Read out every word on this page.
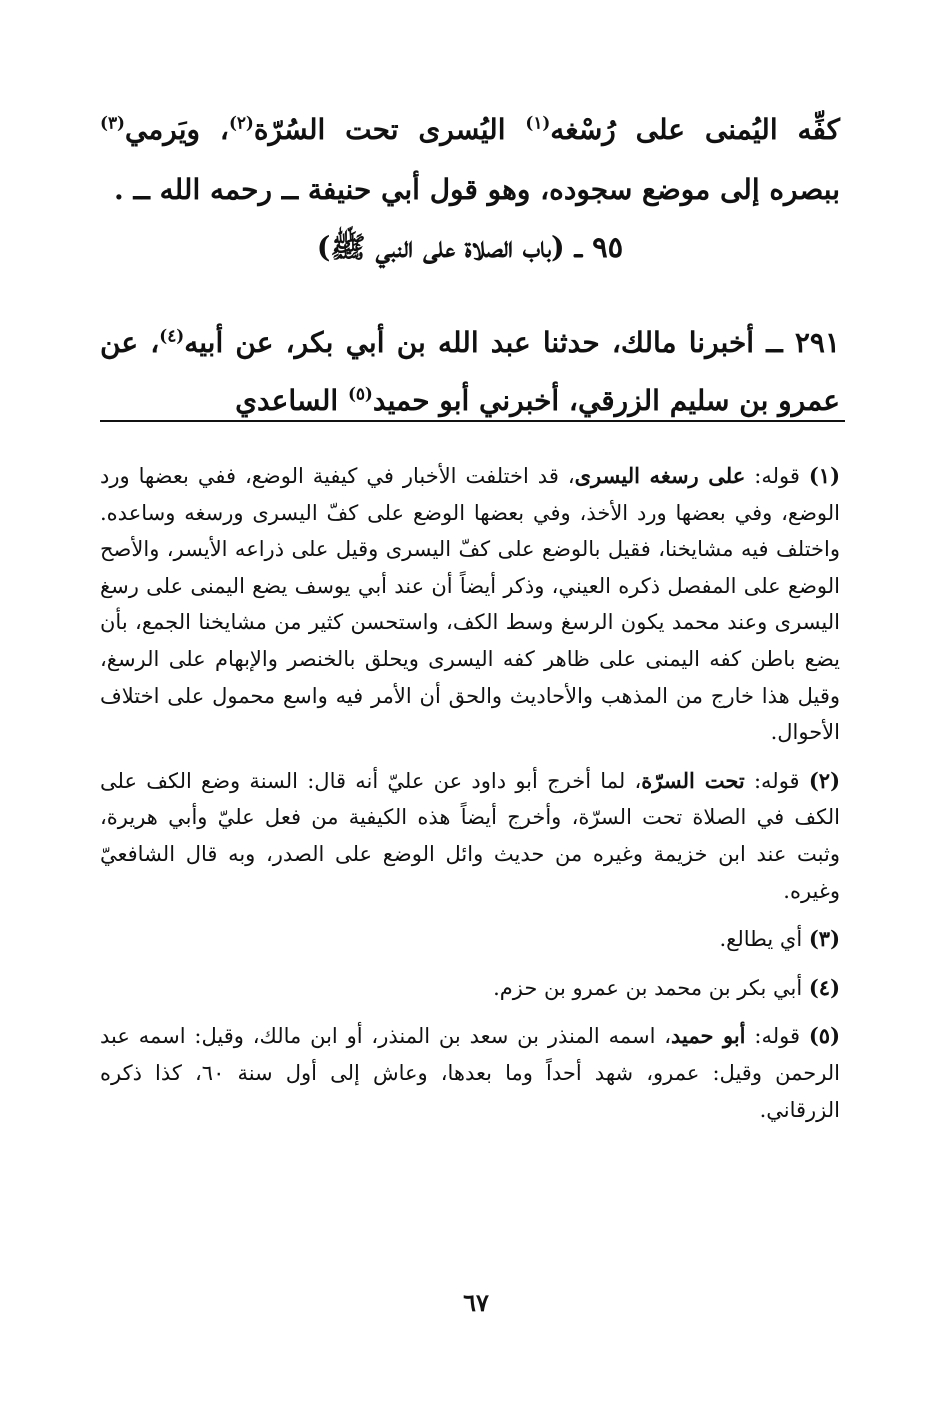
كفِّه اليُمنى على رُسْغه$^{(١)}$ اليُسرى تحت السُرّة$^{(٢)}$، ويَرمي$^{(٣)}$ ببصره إلى موضع سجوده، وهو قول أبي حنيفة ــ رحمه الله ــ .

٩٥ ــ (باب الصلاة على النبي ﷺ)

٢٩١ ــ أخبرنا مالك، حدثنا عبد الله بن أبي بكر، عن أبيه$^{(٤)}$، عن عمرو بن سليم الزرقي، أخبرني أبو حميد$^{(٥)}$ الساعدي

(١) قوله: على رسغه اليسرى، قد اختلفت الأخبار في كيفية الوضع، ففي بعضها ورد الوضع، وفي بعضها ورد الأخذ، وفي بعضها الوضع على كفّ اليسرى ورسغه وساعده. واختلف فيه مشايخنا، فقيل بالوضع على كفّ اليسرى وقيل على ذراعه الأيسر، والأصح الوضع على المفصل ذكره العيني، وذكر أيضاً أن عند أبي يوسف يضع اليمنى على رسغ اليسرى وعند محمد يكون الرسغ وسط الكف، واستحسن كثير من مشايخنا الجمع، بأن يضع باطن كفه اليمنى على ظاهر كفه اليسرى ويحلق بالخنصر والإبهام على الرسغ، وقيل هذا خارج من المذهب والأحاديث والحق أن الأمر فيه واسع محمول على اختلاف الأحوال.

(٢) قوله: تحت السرّة، لما أخرج أبو داود عن عليّ أنه قال: السنة وضع الكف على الكف في الصلاة تحت السرّة، وأخرج أيضاً هذه الكيفية من فعل عليّ وأبي هريرة، وثبت عند ابن خزيمة وغيره من حديث وائل الوضع على الصدر، وبه قال الشافعيّ وغيره.

(٣) أي يطالع.

(٤) أبي بكر بن محمد بن عمرو بن حزم.

(٥) قوله: أبو حميد، اسمه المنذر بن سعد بن المنذر، أو ابن مالك، وقيل: اسمه عبد الرحمن وقيل: عمرو، شهد أحداً وما بعدها، وعاش إلى أول سنة ٦٠، كذا ذكره الزرقاني.

٦٧
